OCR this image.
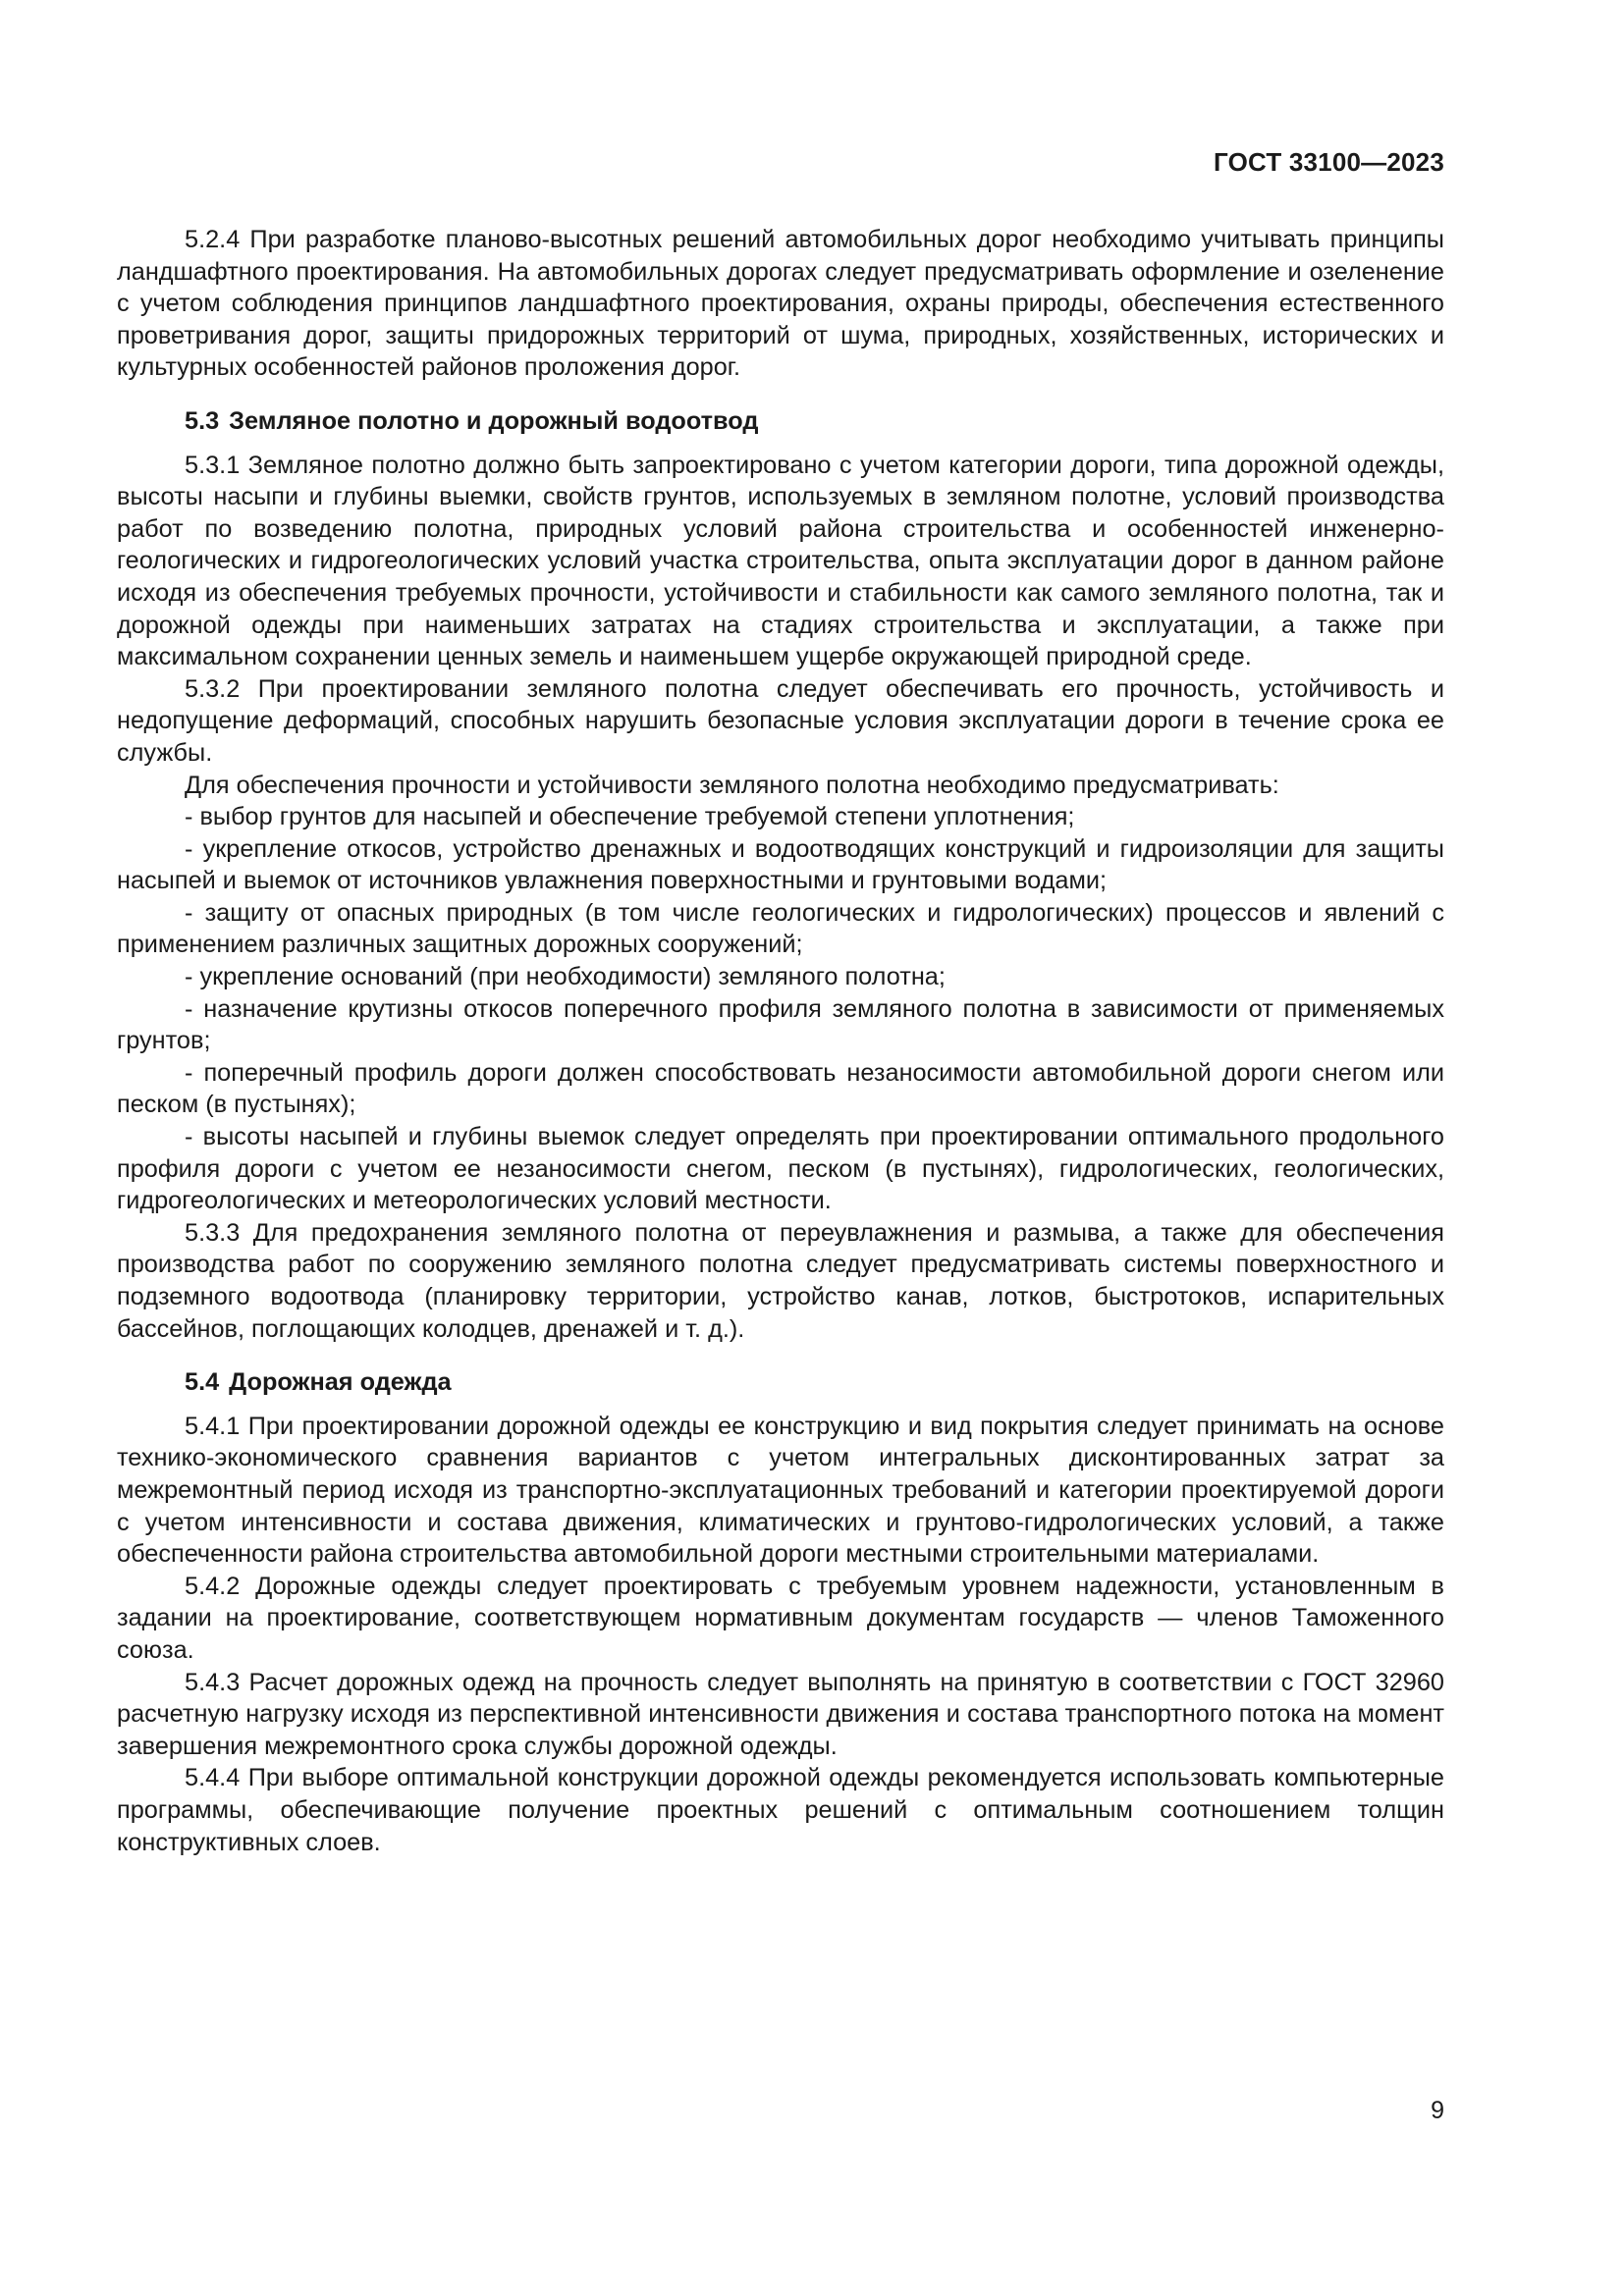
ГОСТ 33100—2023

5.2.4 При разработке планово-высотных решений автомобильных дорог необходимо учитывать принципы ландшафтного проектирования. На автомобильных дорогах следует предусматривать оформление и озеленение с учетом соблюдения принципов ландшафтного проектирования, охраны природы, обеспечения естественного проветривания дорог, защиты придорожных территорий от шума, природных, хозяйственных, исторических и культурных особенностей районов проложения дорог.

5.3 Земляное полотно и дорожный водоотвод

5.3.1 Земляное полотно должно быть запроектировано с учетом категории дороги, типа дорожной одежды, высоты насыпи и глубины выемки, свойств грунтов, используемых в земляном полотне, условий производства работ по возведению полотна, природных условий района строительства и особенностей инженерно-геологических и гидрогеологических условий участка строительства, опыта эксплуатации дорог в данном районе исходя из обеспечения требуемых прочности, устойчивости и стабильности как самого земляного полотна, так и дорожной одежды при наименьших затратах на стадиях строительства и эксплуатации, а также при максимальном сохранении ценных земель и наименьшем ущербе окружающей природной среде.

5.3.2 При проектировании земляного полотна следует обеспечивать его прочность, устойчивость и недопущение деформаций, способных нарушить безопасные условия эксплуатации дороги в течение срока ее службы.

Для обеспечения прочности и устойчивости земляного полотна необходимо предусматривать:

- выбор грунтов для насыпей и обеспечение требуемой степени уплотнения;

- укрепление откосов, устройство дренажных и водоотводящих конструкций и гидроизоляции для защиты насыпей и выемок от источников увлажнения поверхностными и грунтовыми водами;

- защиту от опасных природных (в том числе геологических и гидрологических) процессов и явлений с применением различных защитных дорожных сооружений;

- укрепление оснований (при необходимости) земляного полотна;

- назначение крутизны откосов поперечного профиля земляного полотна в зависимости от применяемых грунтов;

- поперечный профиль дороги должен способствовать незаносимости автомобильной дороги снегом или песком (в пустынях);

- высоты насыпей и глубины выемок следует определять при проектировании оптимального продольного профиля дороги с учетом ее незаносимости снегом, песком (в пустынях), гидрологических, геологических, гидрогеологических и метеорологических условий местности.

5.3.3 Для предохранения земляного полотна от переувлажнения и размыва, а также для обеспечения производства работ по сооружению земляного полотна следует предусматривать системы поверхностного и подземного водоотвода (планировку территории, устройство канав, лотков, быстротоков, испарительных бассейнов, поглощающих колодцев, дренажей и т. д.).

5.4 Дорожная одежда

5.4.1 При проектировании дорожной одежды ее конструкцию и вид покрытия следует принимать на основе технико-экономического сравнения вариантов с учетом интегральных дисконтированных затрат за межремонтный период исходя из транспортно-эксплуатационных требований и категории проектируемой дороги с учетом интенсивности и состава движения, климатических и грунтово-гидрологических условий, а также обеспеченности района строительства автомобильной дороги местными строительными материалами.

5.4.2 Дорожные одежды следует проектировать с требуемым уровнем надежности, установленным в задании на проектирование, соответствующем нормативным документам государств — членов Таможенного союза.

5.4.3 Расчет дорожных одежд на прочность следует выполнять на принятую в соответствии с ГОСТ 32960 расчетную нагрузку исходя из перспективной интенсивности движения и состава транспортного потока на момент завершения межремонтного срока службы дорожной одежды.

5.4.4 При выборе оптимальной конструкции дорожной одежды рекомендуется использовать компьютерные программы, обеспечивающие получение проектных решений с оптимальным соотношением толщин конструктивных слоев.

9
